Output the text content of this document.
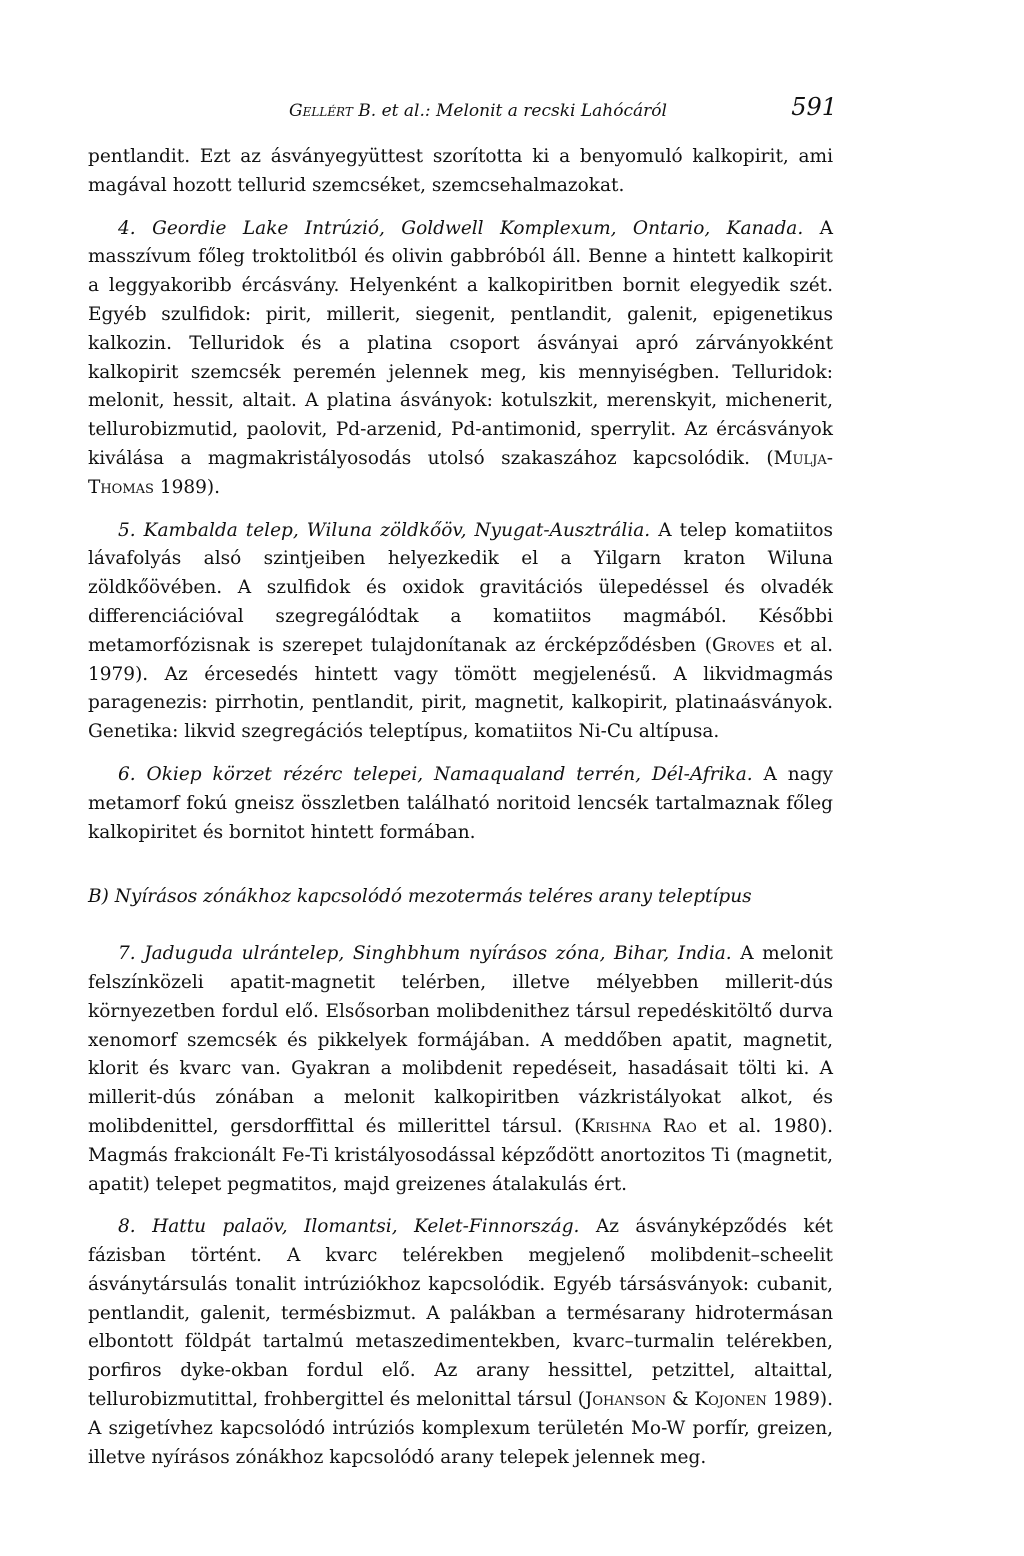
Gellért B. et al.: Melonit a recski Lahócáról	591

pentlandit. Ezt az ásványegyüttest szorította ki a benyomuló kalkopirit, ami magával hozott tellurid szemcséket, szemcsehalmazokat.

4. Geordie Lake Intrúzió, Goldwell Komplexum, Ontario, Kanada. A masszívum főleg troktolitból és olivin gabbróból áll. Benne a hintett kalkopirit a leggyakoribb ércásvány. Helyenként a kalkopiritben bornit elegyedik szét. Egyéb szulfidok: pirit, millerit, siegenit, pentlandit, galenit, epigenetikus kalkozin. Telluridok és a platina csoport ásványai apró zárványokként kalkopirit szemcsék peremén jelennek meg, kis mennyiségben. Telluridok: melonit, hessit, altait. A platina ásványok: kotulszkit, merenskyit, michenerit, tellurobizmutid, paolovit, Pd-arzenid, Pd-antimonid, sperrylit. Az ércásványok kiválása a magmakristályosodás utolsó szakaszához kapcsolódik. (Mulja-Thomas 1989).

5. Kambalda telep, Wiluna zöldkőöv, Nyugat-Ausztrália. A telep komatiitos lávafolyás alsó szintjeiben helyezkedik el a Yilgarn kraton Wiluna zöldkőövében. A szulfidok és oxidok gravitációs ülepedéssel és olvadék differenciációval szegregálódtak a komatiitos magmából. Későbbi metamorfózisnak is szerepet tulajdonítanak az ércképződésben (Groves et al. 1979). Az ércesedés hintett vagy tömött megjelenésű. A likvidmagmás paragenezis: pirrhotin, pentlandit, pirit, magnetit, kalkopirit, platinaásványok. Genetika: likvid szegregációs teleptípus, komatiitos Ni-Cu altípusa.

6. Okiep körzet rézérc telepei, Namaqualand terrén, Dél-Afrika. A nagy metamorf fokú gneisz összletben található noritoid lencsék tartalmaznak főleg kalkopiritet és bornitot hintett formában.

B) Nyírásos zónákhoz kapcsolódó mezotermás teléres arany teleptípus

7. Jaduguda ulrántelep, Singhbhum nyírásos zóna, Bihar, India. A melonit felszínközeli apatit-magnetit telérben, illetve mélyebben millerit-dús környezetben fordul elő. Elsősorban molibdenithez társul repedéskitöltő durva xenomorf szemcsék és pikkelyek formájában. A meddőben apatit, magnetit, klorit és kvarc van. Gyakran a molibdenit repedéseit, hasadásait tölti ki. A millerit-dús zónában a melonit kalkopiritben vázkristályokat alkot, és molibdenittel, gersdorffittal és millerittel társul. (Krishna Rao et al. 1980). Magmás frakcionált Fe-Ti kristályosodással képződött anortozitos Ti (magnetit, apatit) telepet pegmatitos, majd greizenes átalakulás ért.

8. Hattu palaöv, Ilomantsi, Kelet-Finnország. Az ásványképződés két fázisban történt. A kvarc telérekben megjelenő molibdenit–scheelit ásványtársulás tonalit intrúziókhoz kapcsolódik. Egyéb társásványok: cubanit, pentlandit, galenit, termésbizmut. A palákban a termésarany hidrotermásan elbontott földpát tartalmú metaszedimentekben, kvarc–turmalin telérekben, porfiros dyke-okban fordul elő. Az arany hessittel, petzittel, altaittal, tellurobizmutittal, frohbergittel és melonittal társul (Johanson & Kojonen 1989). A szigetívhez kapcsolódó intrúziós komplexum területén Mo-W porfír, greizen, illetve nyírásos zónákhoz kapcsolódó arany telepek jelennek meg.
